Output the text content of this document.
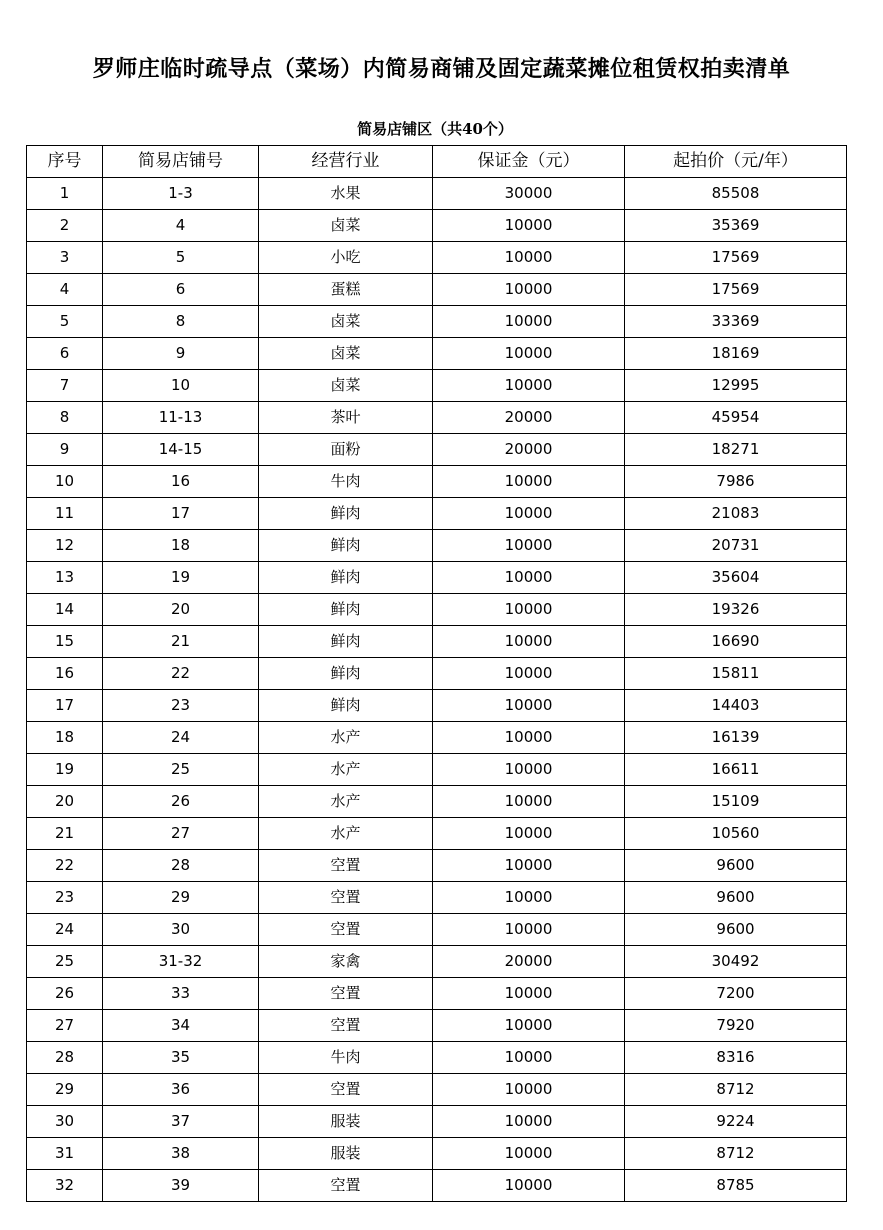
罗师庄临时疏导点（菜场）内简易商铺及固定蔬菜摊位租赁权拍卖清单
简易店铺区（共40个）
序号	简易店铺号	经营行业	保证金（元）	起拍价（元/年）
1	1-3	水果	30000	85508
2	4	卤菜	10000	35369
3	5	小吃	10000	17569
4	6	蛋糕	10000	17569
5	8	卤菜	10000	33369
6	9	卤菜	10000	18169
7	10	卤菜	10000	12995
8	11-13	茶叶	20000	45954
9	14-15	面粉	20000	18271
10	16	牛肉	10000	7986
11	17	鲜肉	10000	21083
12	18	鲜肉	10000	20731
13	19	鲜肉	10000	35604
14	20	鲜肉	10000	19326
15	21	鲜肉	10000	16690
16	22	鲜肉	10000	15811
17	23	鲜肉	10000	14403
18	24	水产	10000	16139
19	25	水产	10000	16611
20	26	水产	10000	15109
21	27	水产	10000	10560
22	28	空置	10000	9600
23	29	空置	10000	9600
24	30	空置	10000	9600
25	31-32	家禽	20000	30492
26	33	空置	10000	7200
27	34	空置	10000	7920
28	35	牛肉	10000	8316
29	36	空置	10000	8712
30	37	服装	10000	9224
31	38	服装	10000	8712
32	39	空置	10000	8785
